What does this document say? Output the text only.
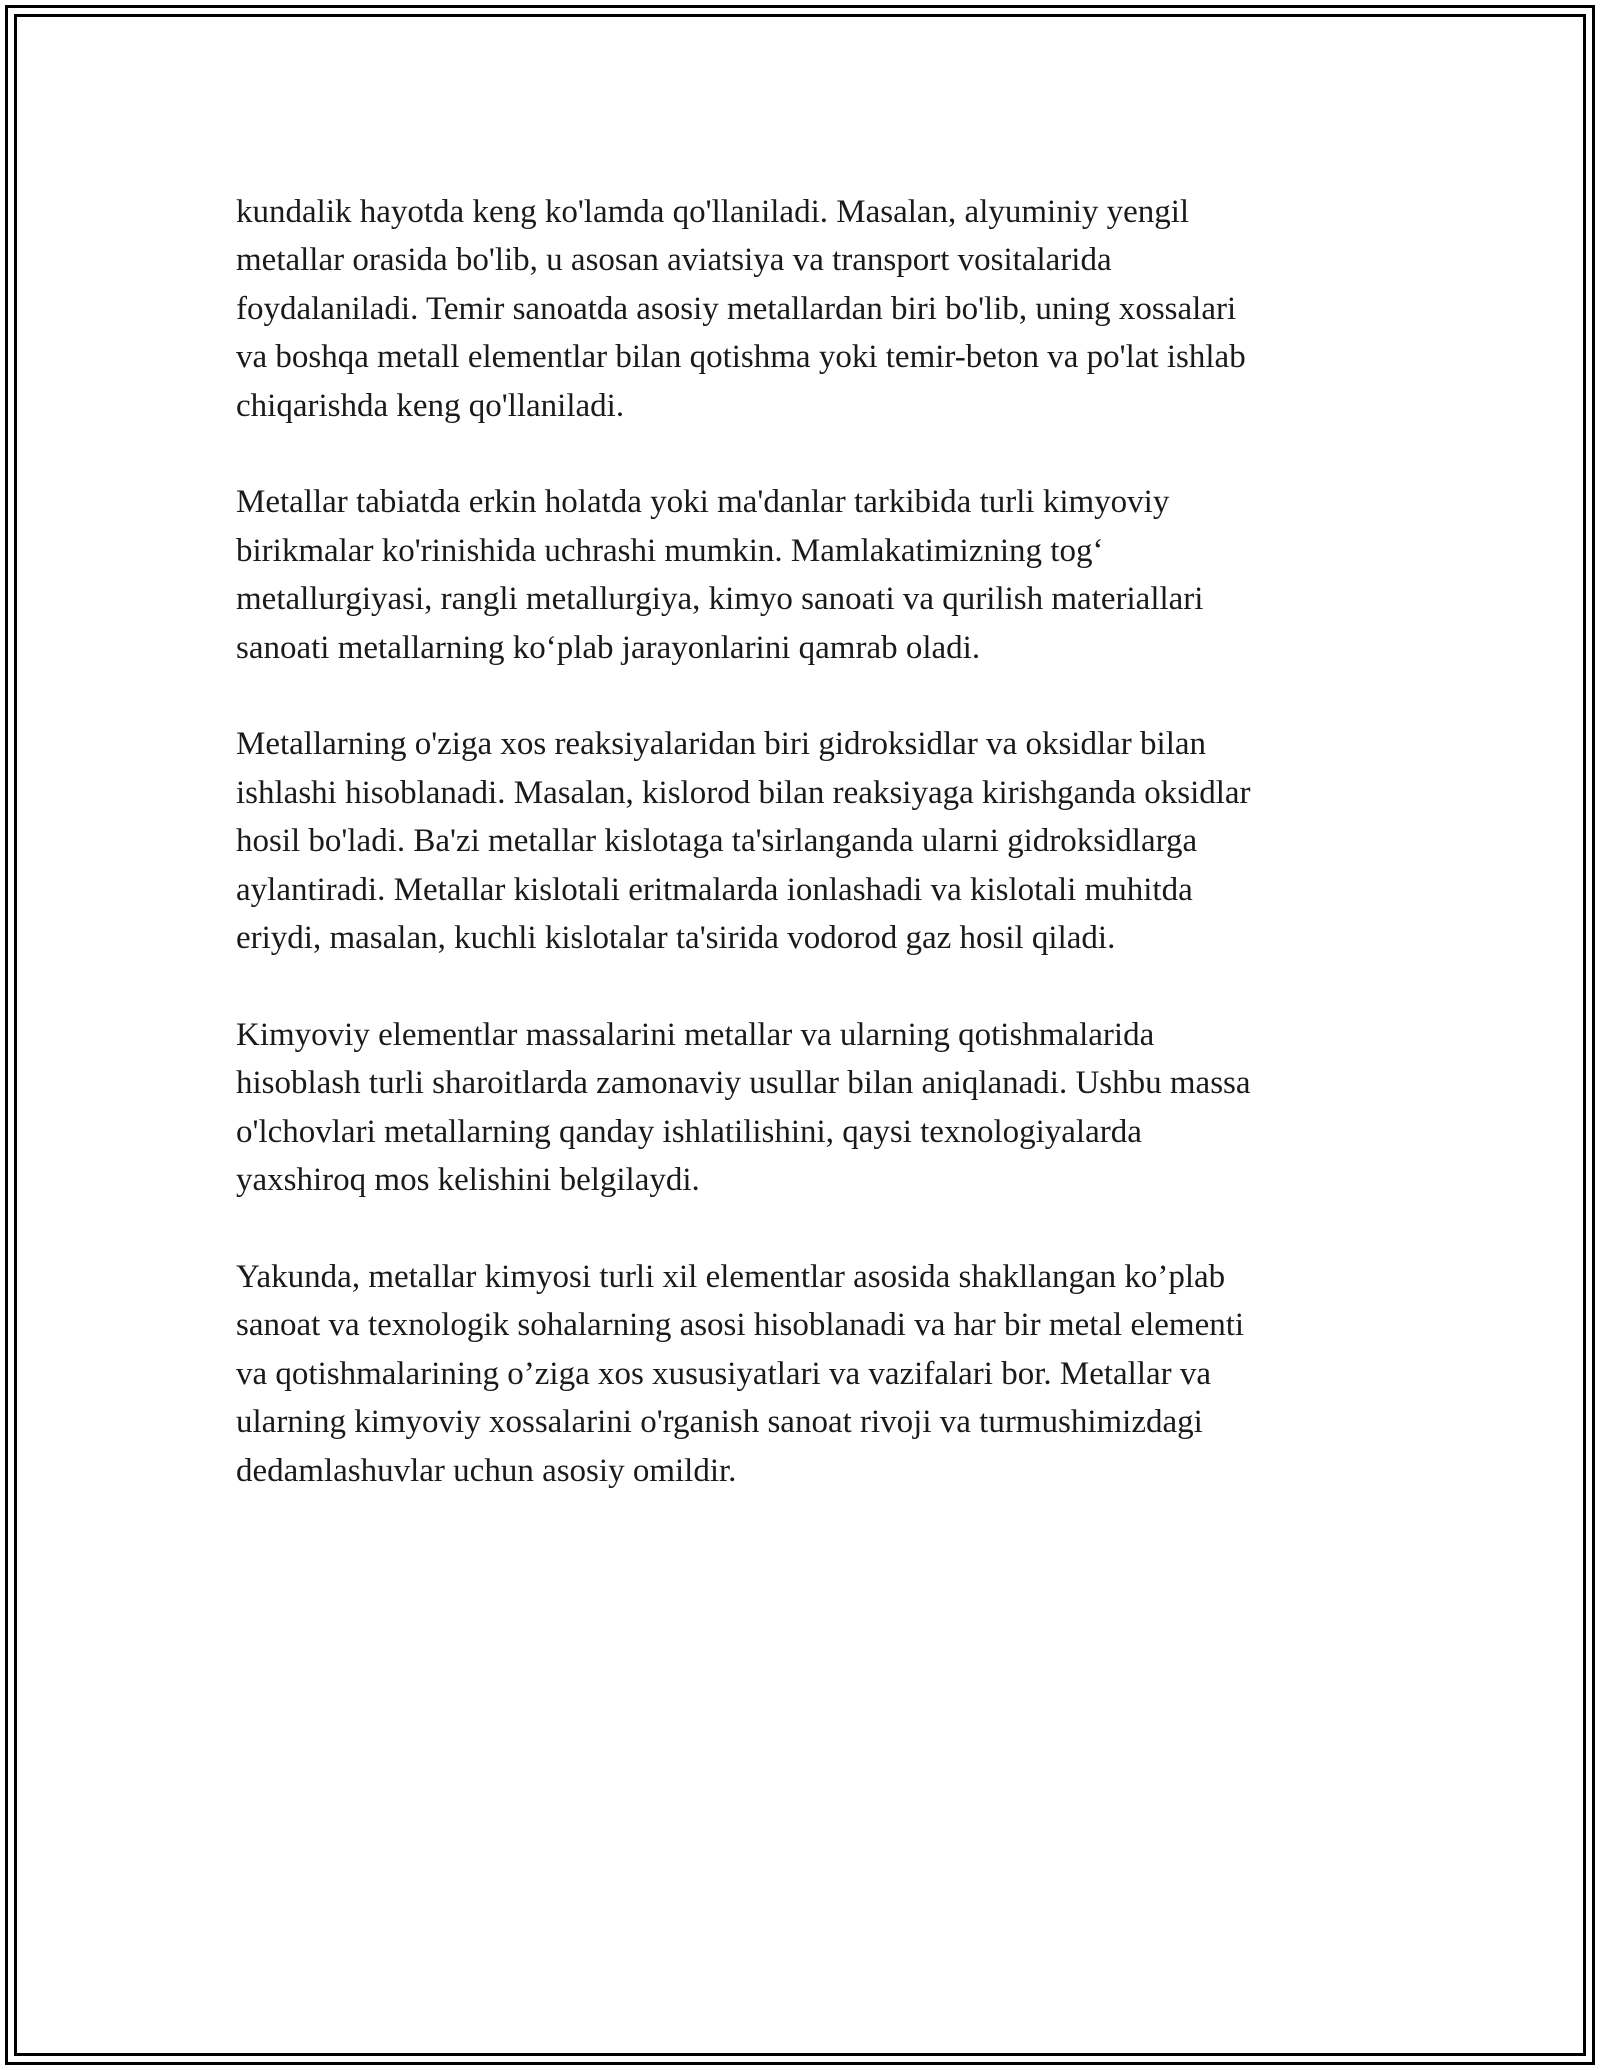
kundalik hayotda keng ko'lamda qo'llaniladi. Masalan, alyuminiy yengil
metallar orasida bo'lib, u asosan aviatsiya va transport vositalarida
foydalaniladi. Temir sanoatda asosiy metallardan biri bo'lib, uning xossalari
va boshqa metall elementlar bilan qotishma yoki temir-beton va po'lat ishlab
chiqarishda keng qo'llaniladi.

Metallar tabiatda erkin holatda yoki ma'danlar tarkibida turli kimyoviy
birikmalar ko'rinishida uchrashi mumkin. Mamlakatimizning tog‘
metallurgiyasi, rangli metallurgiya, kimyo sanoati va qurilish materiallari
sanoati metallarning ko‘plab jarayonlarini qamrab oladi.

Metallarning o'ziga xos reaksiyalaridan biri gidroksidlar va oksidlar bilan
ishlashi hisoblanadi. Masalan, kislorod bilan reaksiyaga kirishganda oksidlar
hosil bo'ladi. Ba'zi metallar kislotaga ta'sirlanganda ularni gidroksidlarga
aylantiradi. Metallar kislotali eritmalarda ionlashadi va kislotali muhitda
eriydi, masalan, kuchli kislotalar ta'sirida vodorod gaz hosil qiladi.

Kimyoviy elementlar massalarini metallar va ularning qotishmalarida
hisoblash turli sharoitlarda zamonaviy usullar bilan aniqlanadi. Ushbu massa
o'lchovlari metallarning qanday ishlatilishini, qaysi texnologiyalarda
yaxshiroq mos kelishini belgilaydi.

Yakunda, metallar kimyosi turli xil elementlar asosida shakllangan ko’plab
sanoat va texnologik sohalarning asosi hisoblanadi va har bir metal elementi
va qotishmalarining o’ziga xos xususiyatlari va vazifalari bor. Metallar va
ularning kimyoviy xossalarini o'rganish sanoat rivoji va turmushimizdagi
dedamlashuvlar uchun asosiy omildir.
